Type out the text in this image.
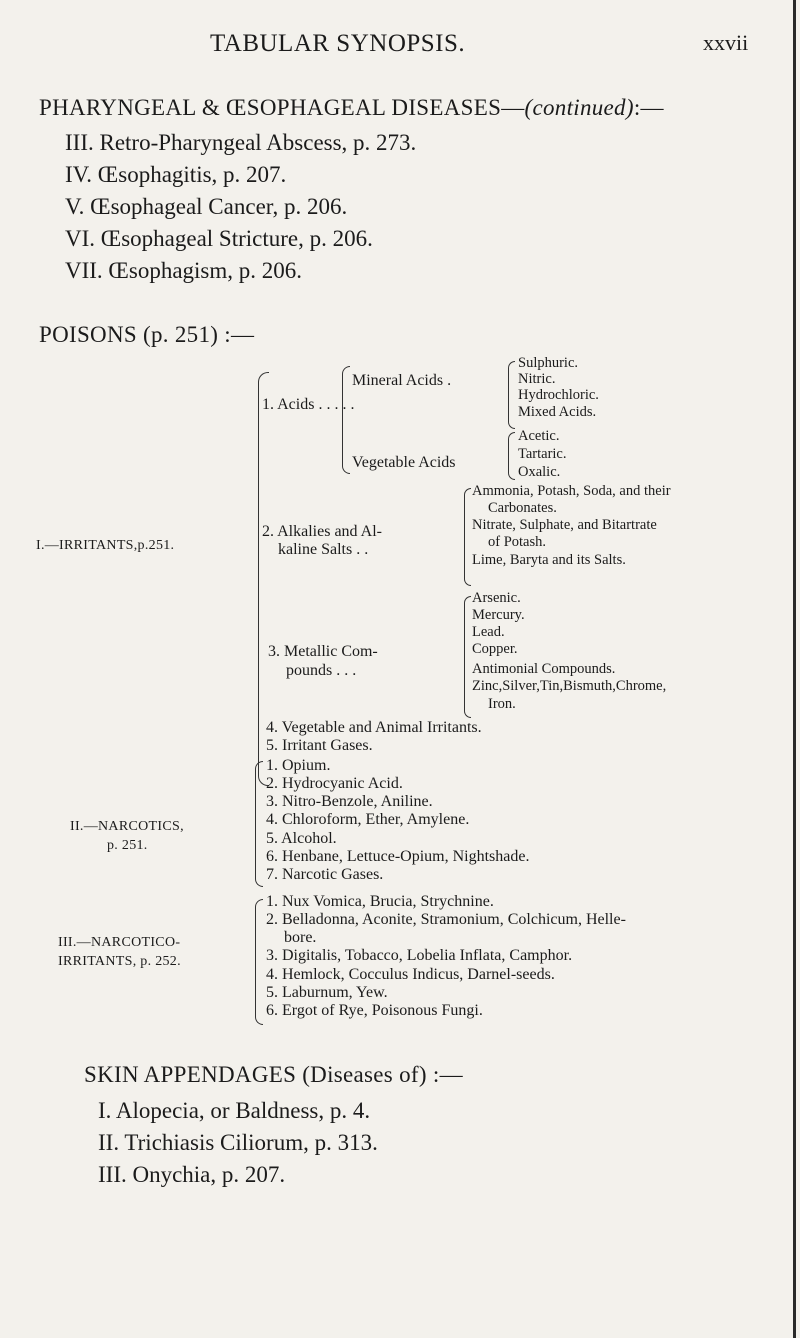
TABULAR SYNOPSIS.	xxvii
PHARYNGEAL & ŒSOPHAGEAL DISEASES—(continued):—
III. Retro-Pharyngeal Abscess, p. 273.
IV. Œsophagitis, p. 207.
V. Œsophageal Cancer, p. 206.
VI. Œsophageal Stricture, p. 206.
VII. Œsophagism, p. 206.
POISONS (p. 251) :—
I.—IRRITANTS,p.251.
1. Acids . . . . .
Mineral Acids .
Sulphuric.
Nitric.
Hydrochloric.
Mixed Acids.
Vegetable Acids
Acetic.
Tartaric.
Oxalic.
2. Alkalies and Al-
kaline Salts . .
Ammonia, Potash, Soda, and their
Carbonates.
Nitrate, Sulphate, and Bitartrate
of Potash.
Lime, Baryta and its Salts.
3. Metallic Com-
pounds . . .
Arsenic.
Mercury.
Lead.
Copper.
Antimonial Compounds.
Zinc,Silver,Tin,Bismuth,Chrome,
Iron.
4. Vegetable and Animal Irritants.
5. Irritant Gases.
II.—NARCOTICS,
p. 251.
1. Opium.
2. Hydrocyanic Acid.
3. Nitro-Benzole, Aniline.
4. Chloroform, Ether, Amylene.
5. Alcohol.
6. Henbane, Lettuce-Opium, Nightshade.
7. Narcotic Gases.
III.—NARCOTICO-
IRRITANTS, p. 252.
1. Nux Vomica, Brucia, Strychnine.
2. Belladonna, Aconite, Stramonium, Colchicum, Helle-
bore.
3. Digitalis, Tobacco, Lobelia Inflata, Camphor.
4. Hemlock, Cocculus Indicus, Darnel-seeds.
5. Laburnum, Yew.
6. Ergot of Rye, Poisonous Fungi.
SKIN APPENDAGES (Diseases of) :—
I. Alopecia, or Baldness, p. 4.
II. Trichiasis Ciliorum, p. 313.
III. Onychia, p. 207.
